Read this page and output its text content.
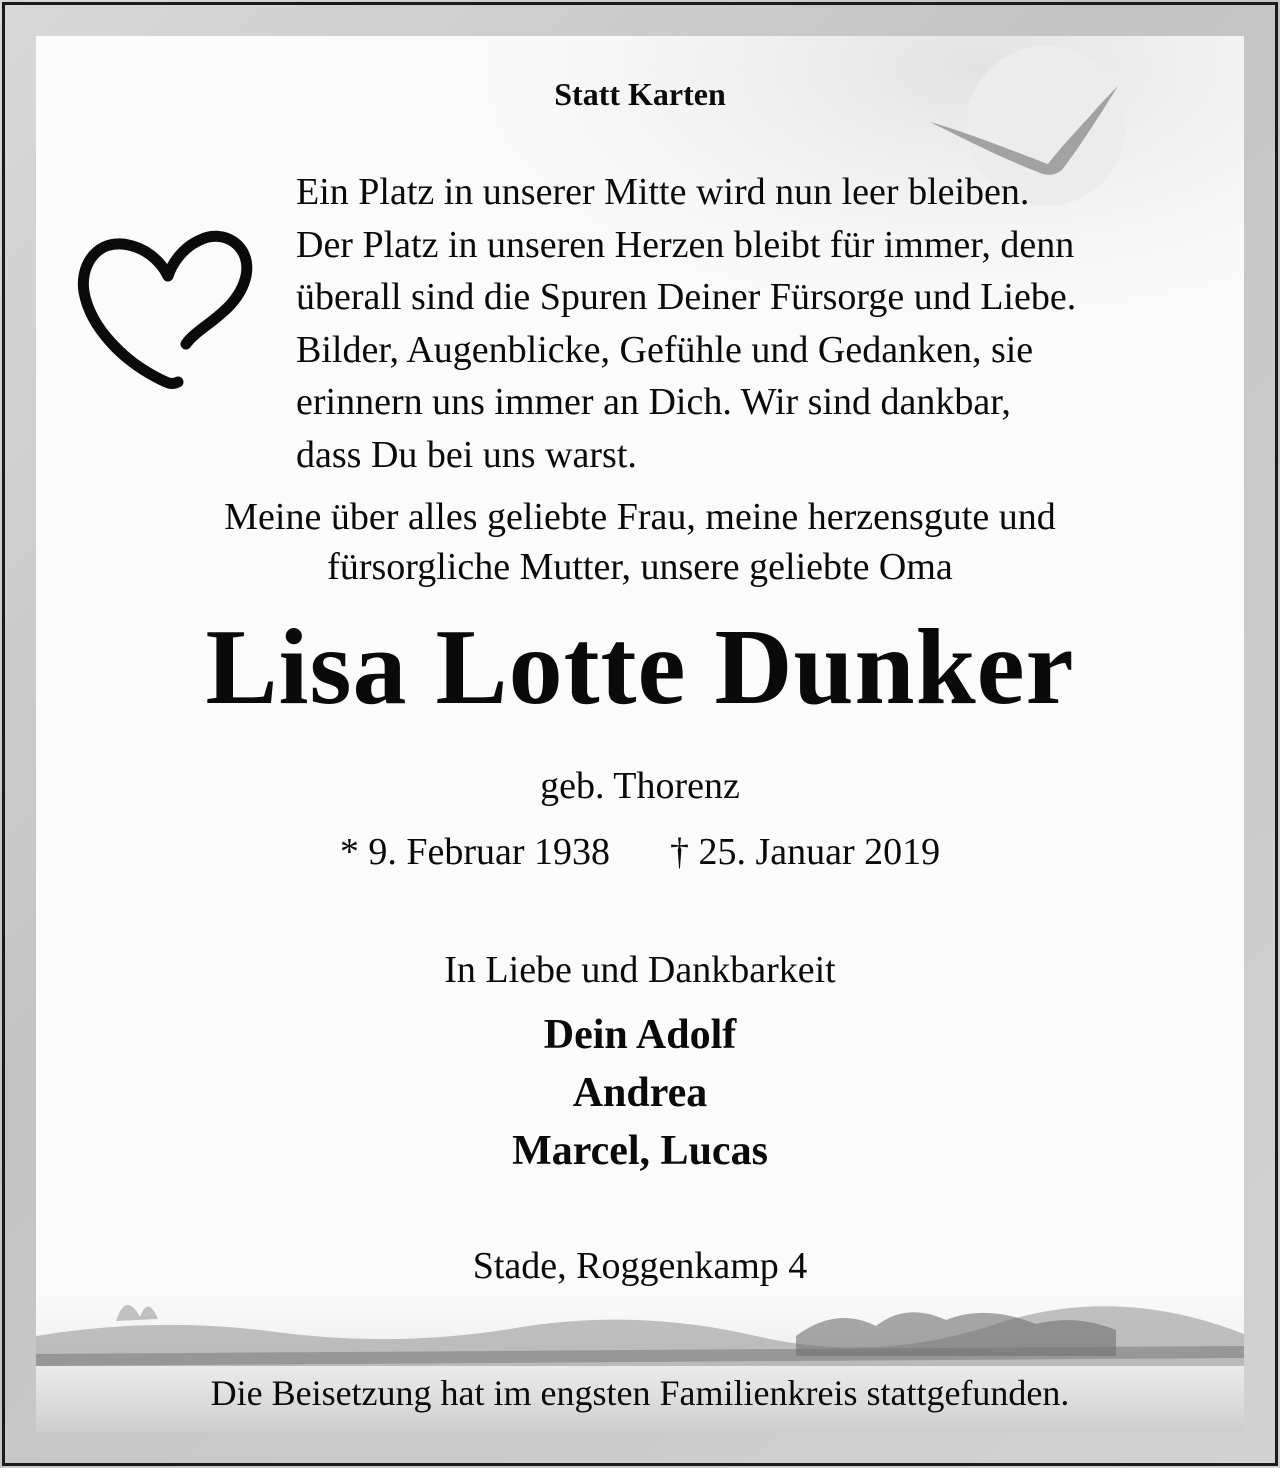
Statt Karten
Ein Platz in unserer Mitte wird nun leer bleiben.
Der Platz in unseren Herzen bleibt für immer, denn
überall sind die Spuren Deiner Fürsorge und Liebe.
Bilder, Augenblicke, Gefühle und Gedanken, sie
erinnern uns immer an Dich. Wir sind dankbar,
dass Du bei uns warst.
Meine über alles geliebte Frau, meine herzensgute und
fürsorgliche Mutter, unsere geliebte Oma
Lisa Lotte Dunker
geb. Thorenz
* 9. Februar 1938 † 25. Januar 2019
In Liebe und Dankbarkeit
Dein Adolf
Andrea
Marcel, Lucas
Stade, Roggenkamp 4
Die Beisetzung hat im engsten Familienkreis stattgefunden.
